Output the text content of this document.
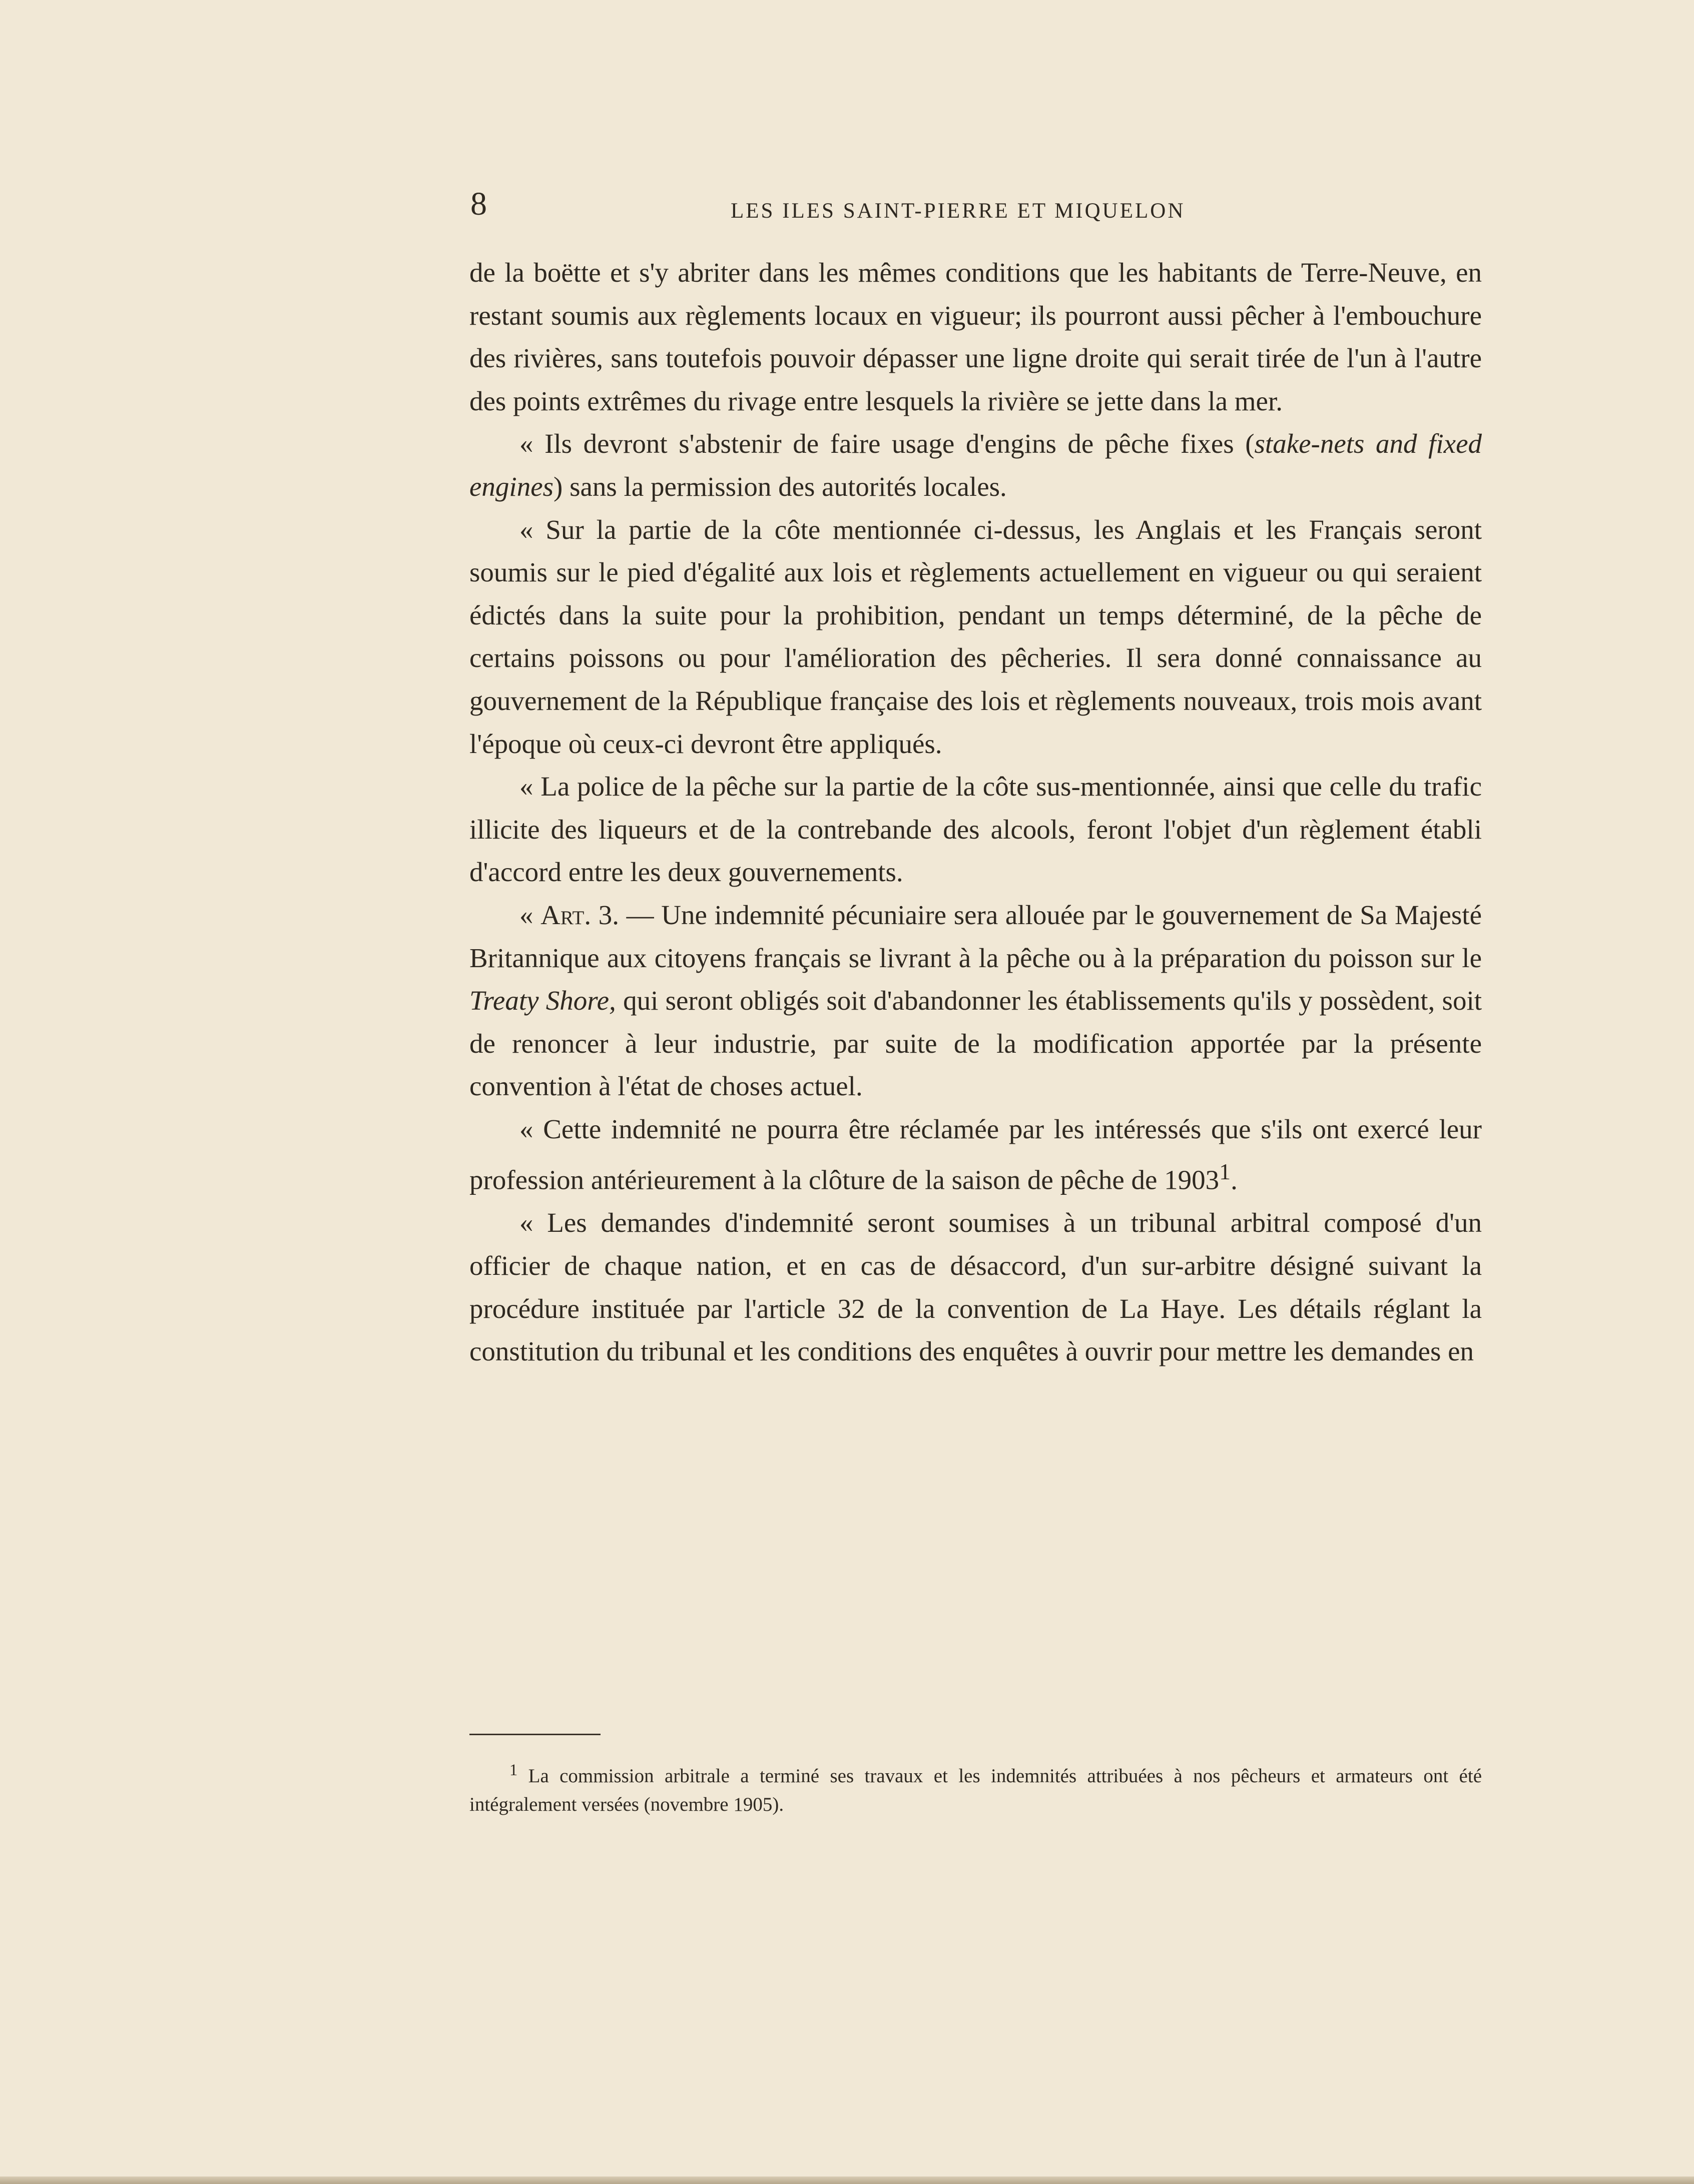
8	LES ILES SAINT-PIERRE ET MIQUELON

de la boëtte et s'y abriter dans les mêmes conditions que les habitants de Terre-Neuve, en restant soumis aux règlements locaux en vigueur; ils pourront aussi pêcher à l'embouchure des rivières, sans toutefois pouvoir dépasser une ligne droite qui serait tirée de l'un à l'autre des points extrêmes du rivage entre lesquels la rivière se jette dans la mer.

« Ils devront s'abstenir de faire usage d'engins de pêche fixes (stake-nets and fixed engines) sans la permission des autorités locales.

« Sur la partie de la côte mentionnée ci-dessus, les Anglais et les Français seront soumis sur le pied d'égalité aux lois et règlements actuellement en vigueur ou qui seraient édictés dans la suite pour la prohibition, pendant un temps déterminé, de la pêche de certains poissons ou pour l'amélioration des pêcheries. Il sera donné connaissance au gouvernement de la République française des lois et règlements nouveaux, trois mois avant l'époque où ceux-ci devront être appliqués.

« La police de la pêche sur la partie de la côte sus-mentionnée, ainsi que celle du trafic illicite des liqueurs et de la contrebande des alcools, feront l'objet d'un règlement établi d'accord entre les deux gouvernements.

« Art. 3. — Une indemnité pécuniaire sera allouée par le gouvernement de Sa Majesté Britannique aux citoyens français se livrant à la pêche ou à la préparation du poisson sur le Treaty Shore, qui seront obligés soit d'abandonner les établissements qu'ils y possèdent, soit de renoncer à leur industrie, par suite de la modification apportée par la présente convention à l'état de choses actuel.

« Cette indemnité ne pourra être réclamée par les intéressés que s'ils ont exercé leur profession antérieurement à la clôture de la saison de pêche de 1903$^1$.

« Les demandes d'indemnité seront soumises à un tribunal arbitral composé d'un officier de chaque nation, et en cas de désaccord, d'un sur-arbitre désigné suivant la procédure instituée par l'article 32 de la convention de La Haye. Les détails réglant la constitution du tribunal et les conditions des enquêtes à ouvrir pour mettre les demandes en

$^1$ La commission arbitrale a terminé ses travaux et les indemnités attribuées à nos pêcheurs et armateurs ont été intégralement versées (novembre 1905).
